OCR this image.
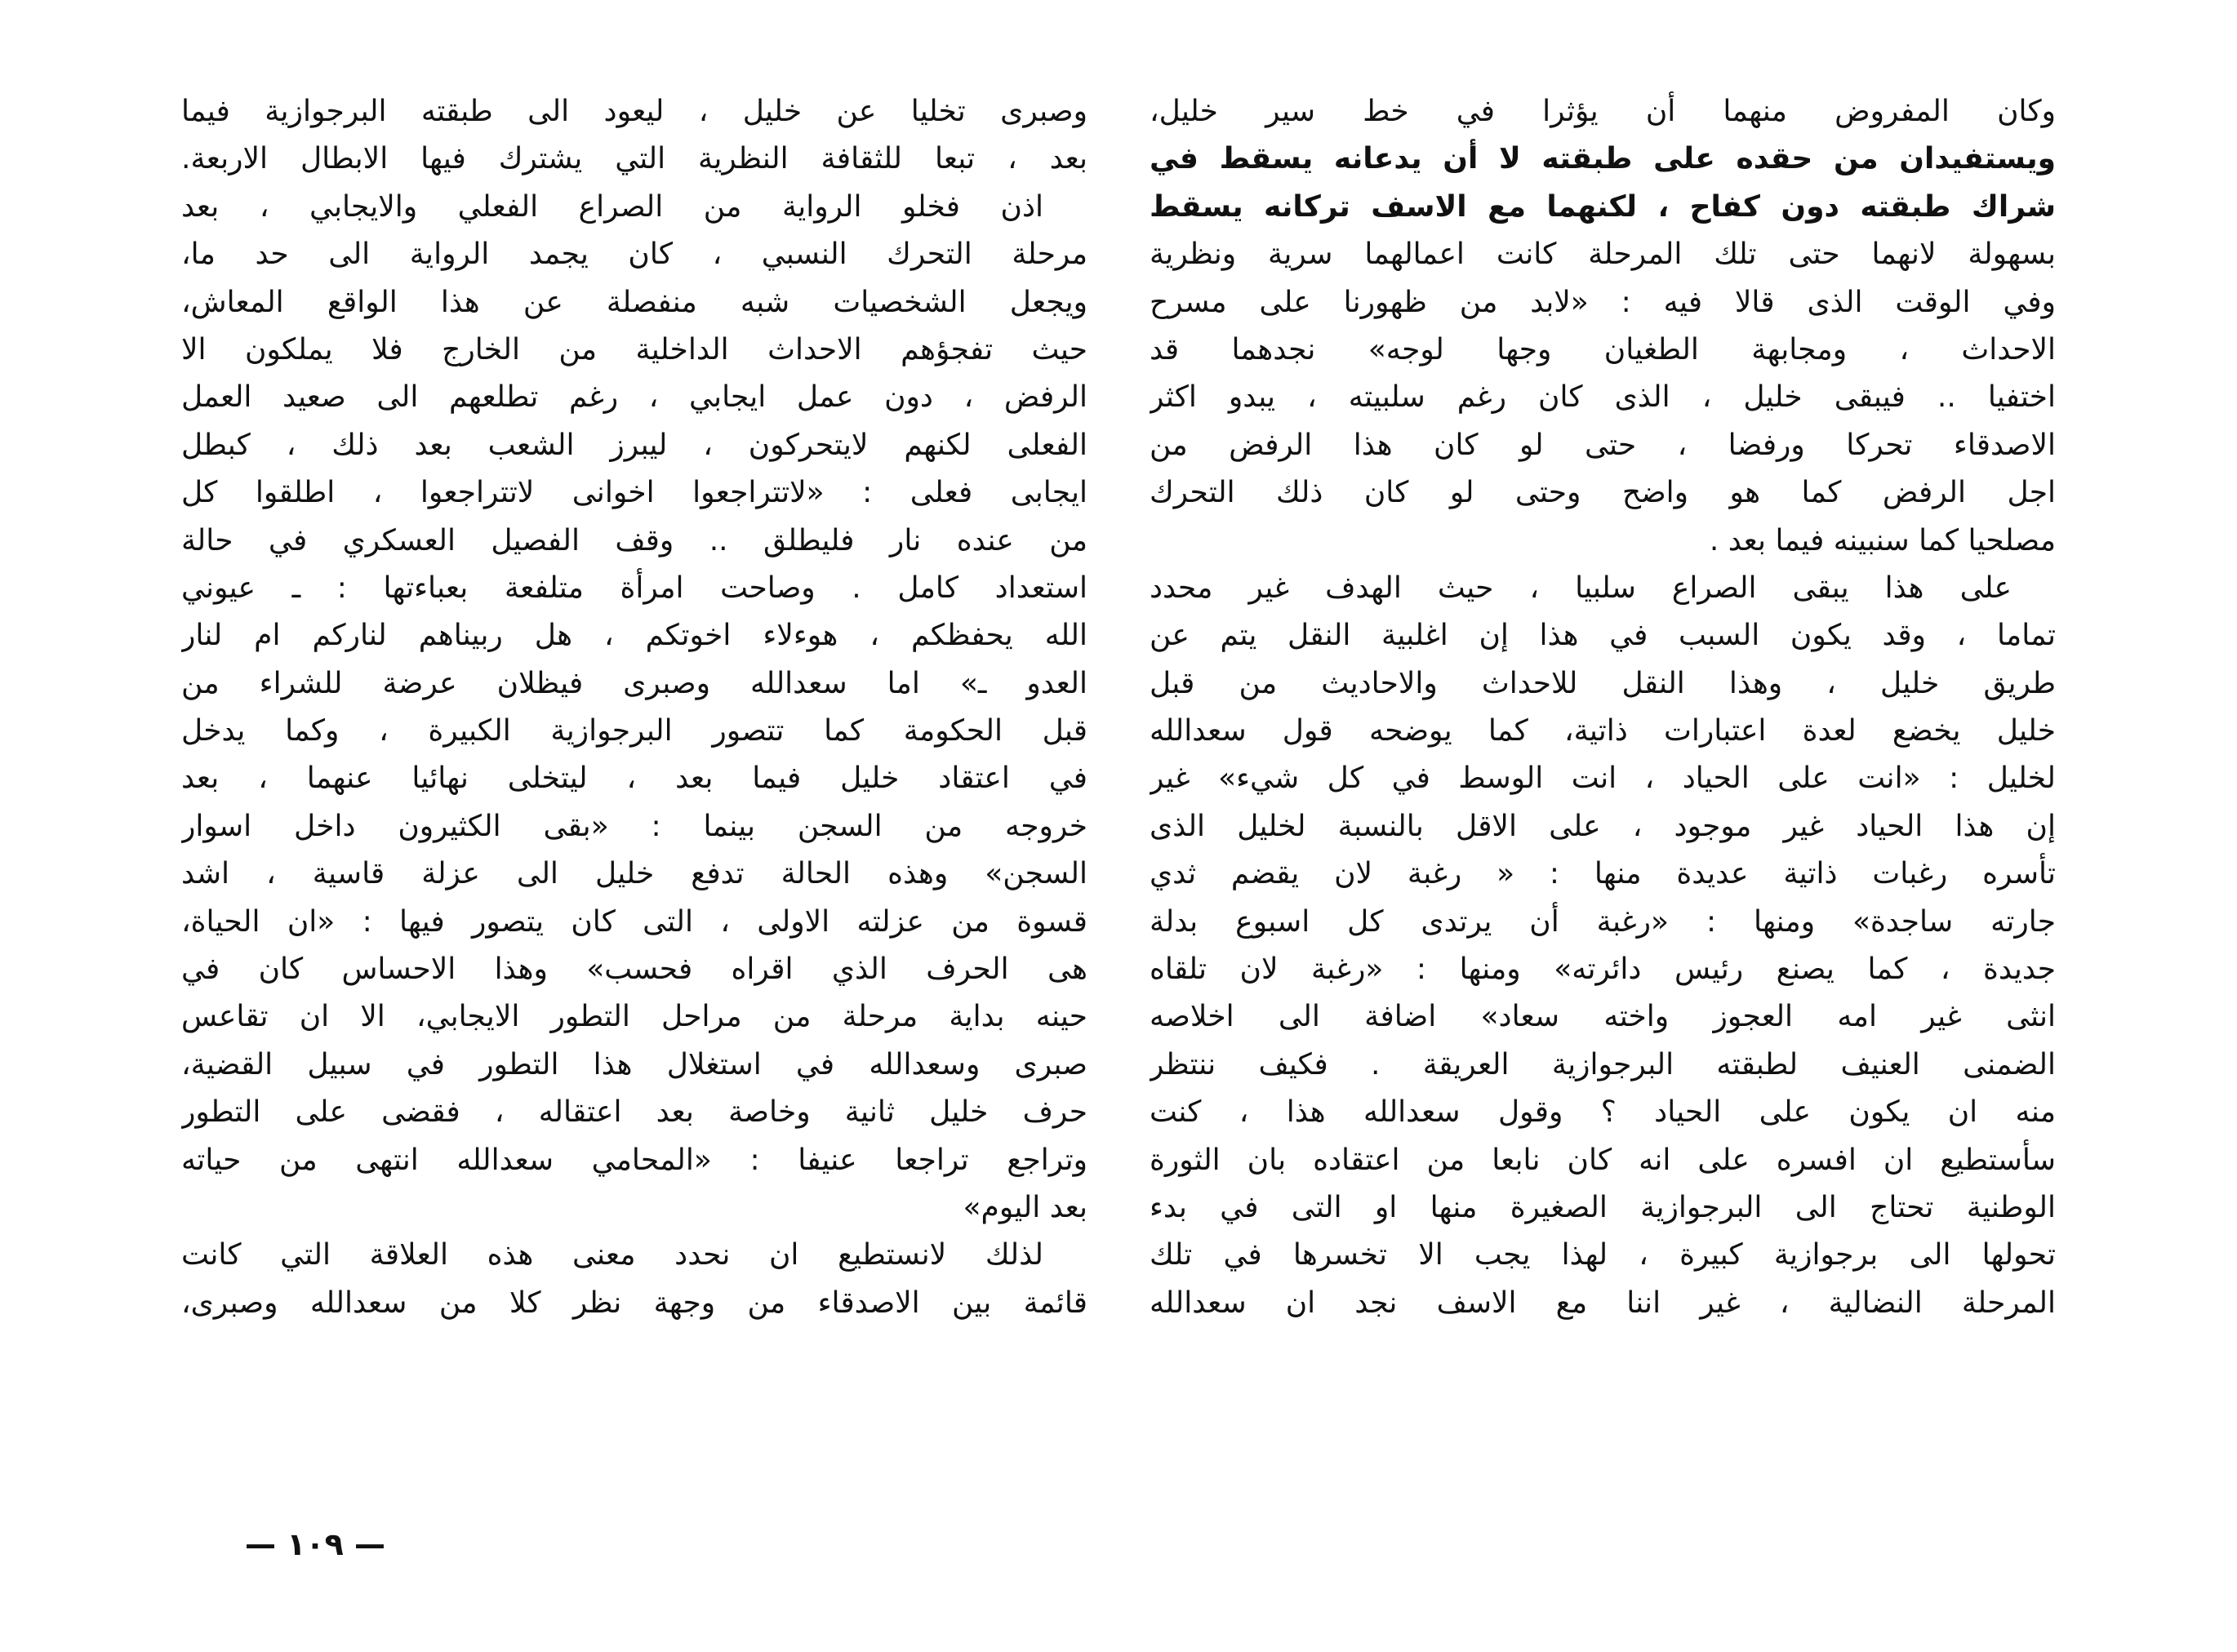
وكان المفروض منهما أن يؤثرا في خط سير خليل،
ويستفيدان من حقده على طبقته لا أن يدعانه يسقط في
شراك طبقته دون كفاح ، لكنهما مع الاسف تركانه يسقط
بسهولة لانهما حتى تلك المرحلة كانت اعمالهما سرية ونظرية
وفي الوقت الذى قالا فيه : «لابد من ظهورنا على مسرح
الاحداث ، ومجابهة الطغيان وجها لوجه» نجدهما قد
اختفيا .. فيبقى خليل ، الذى كان رغم سلبيته ، يبدو اكثر
الاصدقاء تحركا ورفضا ، حتى لو كان هذا الرفض من
اجل الرفض كما هو واضح وحتى لو كان ذلك التحرك
مصلحيا كما سنبينه فيما بعد .
على هذا يبقى الصراع سلبيا ، حيث الهدف غير محدد
تماما ، وقد يكون السبب في هذا إن اغلبية النقل يتم عن
طريق خليل ، وهذا النقل للاحداث والاحاديث من قبل
خليل يخضع لعدة اعتبارات ذاتية، كما يوضحه قول سعدالله
لخليل : «انت على الحياد ، انت الوسط في كل شيء» غير
إن هذا الحياد غير موجود ، على الاقل بالنسبة لخليل الذى
تأسره رغبات ذاتية عديدة منها : « رغبة لان يقضم ثدي
جارته ساجدة» ومنها : «رغبة أن يرتدى كل اسبوع بدلة
جديدة ، كما يصنع رئيس دائرته» ومنها : «رغبة لان تلقاه
انثى غير امه العجوز واخته سعاد» اضافة الى اخلاصه
الضمنى العنيف لطبقته البرجوازية العريقة . فكيف ننتظر
منه ان يكون على الحياد ؟ وقول سعدالله هذا ، كنت
سأستطيع ان افسره على انه كان نابعا من اعتقاده بان الثورة
الوطنية تحتاج الى البرجوازية الصغيرة منها او التى في بدء
تحولها الى برجوازية كبيرة ، لهذا يجب الا تخسرها في تلك
المرحلة النضالية ، غير اننا مع الاسف نجد ان سعدالله
وصبرى تخليا عن خليل ، ليعود الى طبقته البرجوازية فيما
بعد ، تبعا للثقافة النظرية التي يشترك فيها الابطال الاربعة.
اذن فخلو الرواية من الصراع الفعلي والايجابي ، بعد
مرحلة التحرك النسبي ، كان يجمد الرواية الى حد ما،
ويجعل الشخصيات شبه منفصلة عن هذا الواقع المعاش،
حيث تفجؤهم الاحداث الداخلية من الخارج فلا يملكون الا
الرفض ، دون عمل ايجابي ، رغم تطلعهم الى صعيد العمل
الفعلى لكنهم لايتحركون ، ليبرز الشعب بعد ذلك ، كبطل
ايجابى فعلى : «لاتتراجعوا اخوانى لاتتراجعوا ، اطلقوا كل
من عنده نار فليطلق .. وقف الفصيل العسكري في حالة
استعداد كامل . وصاحت امرأة متلفعة بعباءتها : ـ عيوني
الله يحفظكم ، هوءلاء اخوتكم ، هل ربيناهم لناركم ام لنار
العدو ـ» اما سعدالله وصبرى فيظلان عرضة للشراء من
قبل الحكومة كما تتصور البرجوازية الكبيرة ، وكما يدخل
في اعتقاد خليل فيما بعد ، ليتخلى نهائيا عنهما ، بعد
خروجه من السجن بينما : «بقى الكثيرون داخل اسوار
السجن» وهذه الحالة تدفع خليل الى عزلة قاسية ، اشد
قسوة من عزلته الاولى ، التى كان يتصور فيها : «ان الحياة،
هى الحرف الذي اقراه فحسب» وهذا الاحساس كان في
حينه بداية مرحلة من مراحل التطور الايجابي، الا ان تقاعس
صبرى وسعدالله في استغلال هذا التطور في سبيل القضية،
حرف خليل ثانية وخاصة بعد اعتقاله ، فقضى على التطور
وتراجع تراجعا عنيفا : «المحامي سعدالله انتهى من حياته
بعد اليوم»
لذلك لانستطيع ان نحدد معنى هذه العلاقة التي كانت
قائمة بين الاصدقاء من وجهة نظر كلا من سعدالله وصبرى،
— ١٠٩ —
